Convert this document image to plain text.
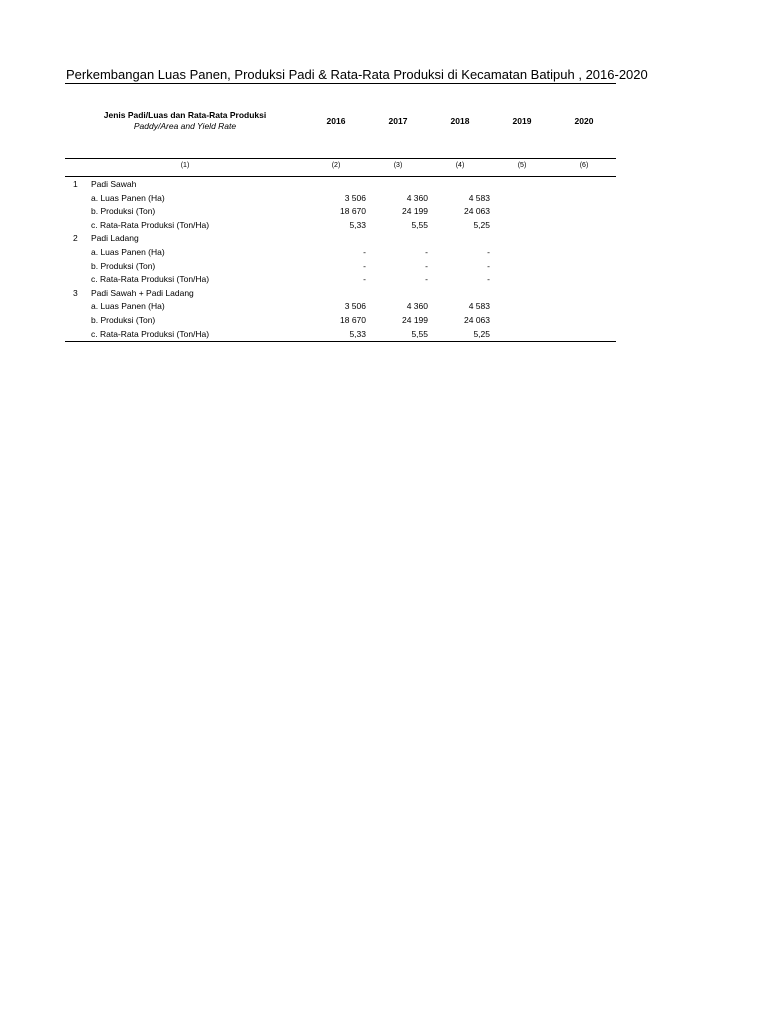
Perkembangan Luas Panen, Produksi Padi & Rata-Rata Produksi di Kecamatan Batipuh , 2016-2020
Jenis Padi/Luas dan Rata-Rata Produksi
Paddy/Area and Yield Rate	2016	2017	2018	2019	2020
(1)	(2)	(3)	(4)	(5)	(6)
1	Padi Sawah
a. Luas Panen (Ha)	3 506	4 360	4 583
b. Produksi (Ton)	18 670	24 199	24 063
c. Rata-Rata Produksi (Ton/Ha)	5,33	5,55	5,25
2	Padi Ladang
a. Luas Panen (Ha)	-	-	-
b. Produksi (Ton)	-	-	-
c. Rata-Rata Produksi (Ton/Ha)	-	-	-
3	Padi Sawah + Padi Ladang
a. Luas Panen (Ha)	3 506	4 360	4 583
b. Produksi (Ton)	18 670	24 199	24 063
c. Rata-Rata Produksi (Ton/Ha)	5,33	5,55	5,25
